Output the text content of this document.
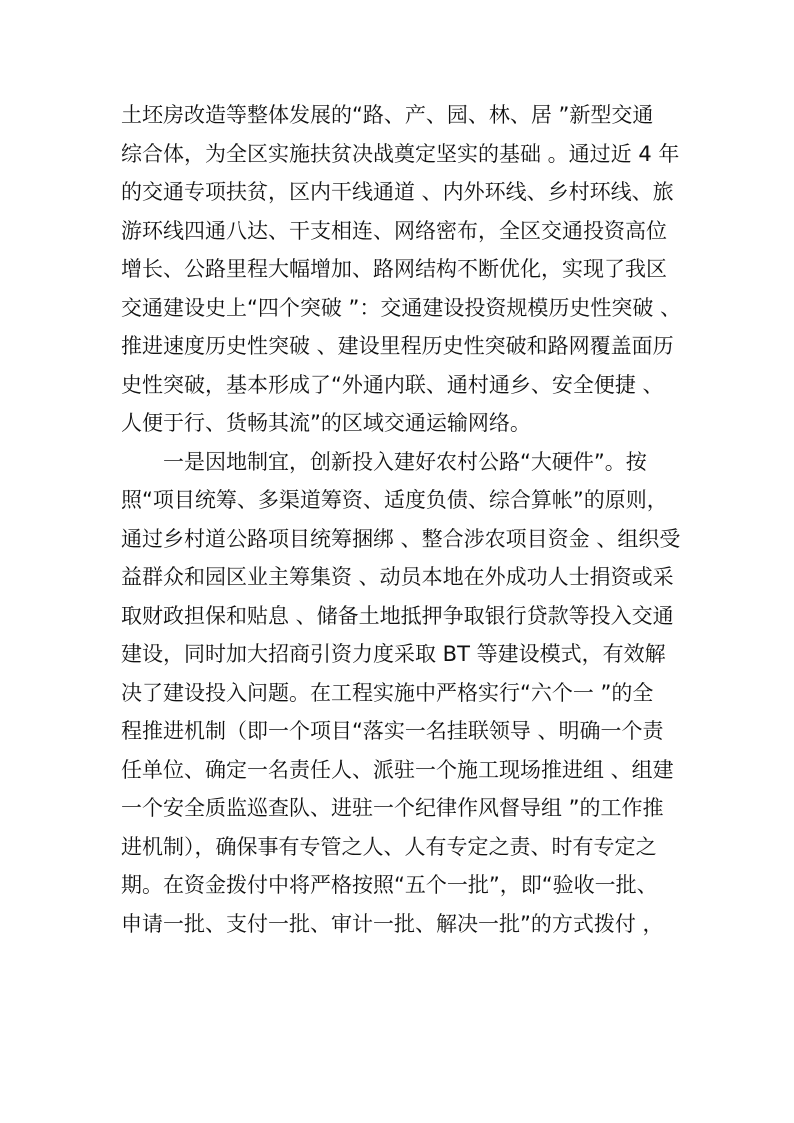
土坯房改造等整体发展的“路、产、园、林、居 ”新型交通
综合体，为全区实施扶贫决战奠定坚实的基础 。通过近 4 年
的交通专项扶贫，区内干线通道 、内外环线、乡村环线、旅
游环线四通八达、干支相连、网络密布，全区交通投资高位
增长、公路里程大幅增加、路网结构不断优化，实现了我区
交通建设史上“四个突破 ”：交通建设投资规模历史性突破 、
推进速度历史性突破 、建设里程历史性突破和路网覆盖面历
史性突破，基本形成了“外通内联、通村通乡、安全便捷 、
人便于行、货畅其流”的区域交通运输网络。
一是因地制宜，创新投入建好农村公路“大硬件”。按
照“项目统筹、多渠道筹资、适度负债、综合算帐”的原则，
通过乡村道公路项目统筹捆绑 、整合涉农项目资金 、组织受
益群众和园区业主筹集资 、动员本地在外成功人士捐资或采
取财政担保和贴息 、储备土地抵押争取银行贷款等投入交通
建设，同时加大招商引资力度采取 BT 等建设模式，有效解
决了建设投入问题。在工程实施中严格实行“六个一 ”的全
程推进机制（即一个项目“落实一名挂联领导 、明确一个责
任单位、确定一名责任人、派驻一个施工现场推进组 、组建
一个安全质监巡查队、进驻一个纪律作风督导组 ”的工作推
进机制），确保事有专管之人、人有专定之责、时有专定之
期。在资金拨付中将严格按照“五个一批”，即“验收一批、
申请一批、支付一批、审计一批、解决一批”的方式拨付 ，
